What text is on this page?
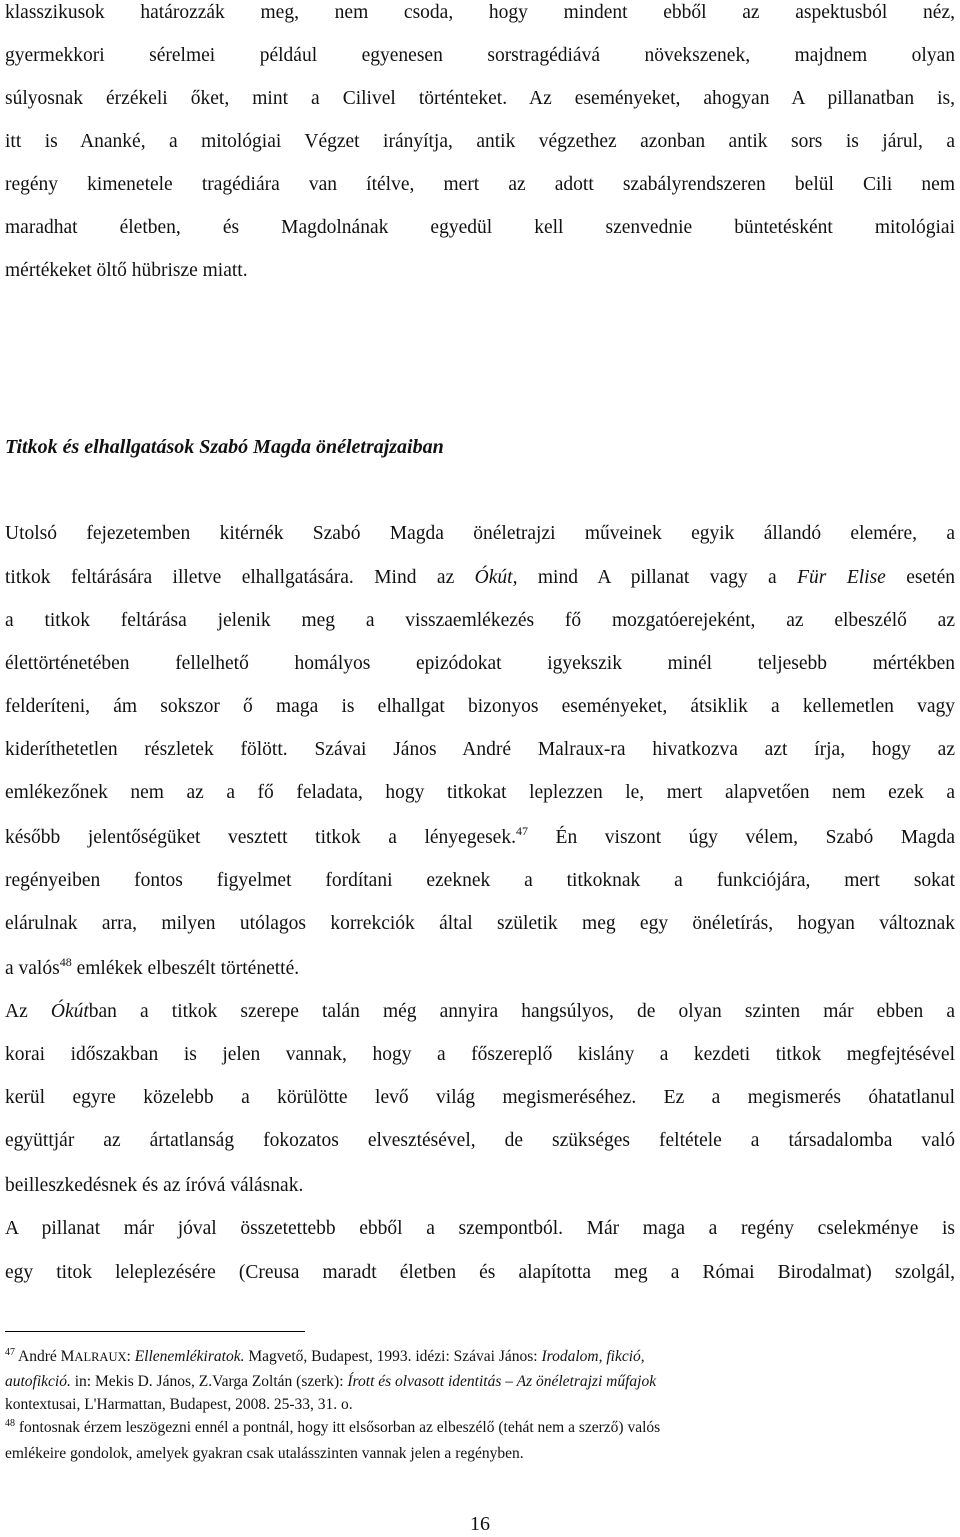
klasszikusok határozzák meg, nem csoda, hogy mindent ebből az aspektusból néz,
gyermekkori sérelmei például egyenesen sorstragédiává növekszenek, majdnem olyan
súlyosnak érzékeli őket, mint a Cilivel történteket. Az eseményeket, ahogyan A pillanatban is,
itt is Ananké, a mitológiai Végzet irányítja, antik végzethez azonban antik sors is járul, a
regény kimenetele tragédiára van ítélve, mert az adott szabályrendszeren belül Cili nem
maradhat életben, és Magdolnának egyedül kell szenvednie büntetésként mitológiai
mértékeket öltő hübrisze miatt.
Titkok és elhallgatások Szabó Magda önéletrajzaiban
Utolsó fejezetemben kitérnék Szabó Magda önéletrajzi műveinek egyik állandó elemére, a
titkok feltárására illetve elhallgatására. Mind az Ókút, mind A pillanat vagy a Für Elise esetén
a titkok feltárása jelenik meg a visszaemlékezés fő mozgatóerejeként, az elbeszélő az
élettörténetében fellelhető homályos epizódokat igyekszik minél teljesebb mértékben
felderíteni, ám sokszor ő maga is elhallgat bizonyos eseményeket, átsiklik a kellemetlen vagy
kideríthetetlen részletek fölött. Szávai János André Malraux-ra hivatkozva azt írja, hogy az
emlékezőnek nem az a fő feladata, hogy titkokat leplezzen le, mert alapvetően nem ezek a
később jelentőségüket vesztett titkok a lényegesek.$^{47}$ Én viszont úgy vélem, Szabó Magda
regényeiben fontos figyelmet fordítani ezeknek a titkoknak a funkciójára, mert sokat
elárulnak arra, milyen utólagos korrekciók által születik meg egy önéletírás, hogyan változnak
a valós$^{48}$ emlékek elbeszélt történetté.
Az Ókútban a titkok szerepe talán még annyira hangsúlyos, de olyan szinten már ebben a
korai időszakban is jelen vannak, hogy a főszereplő kislány a kezdeti titkok megfejtésével
kerül egyre közelebb a körülötte levő világ megismeréséhez. Ez a megismerés óhatatlanul
együttjár az ártatlanság fokozatos elvesztésével, de szükséges feltétele a társadalomba való
beilleszkedésnek és az íróvá válásnak.
A pillanat már jóval összetettebb ebből a szempontból. Már maga a regény cselekménye is
egy titok leleplezésére (Creusa maradt életben és alapította meg a Római Birodalmat) szolgál,
$^{47}$ André MALRAUX: Ellenemlékiratok. Magvető, Budapest, 1993. idézi: Szávai János: Irodalom, fikció,
autofikció. in: Mekis D. János, Z.Varga Zoltán (szerk): Írott és olvasott identitás – Az önéletrajzi műfajok
kontextusai, L'Harmattan, Budapest, 2008. 25-33, 31. o.
$^{48}$ fontosnak érzem leszögezni ennél a pontnál, hogy itt elsősorban az elbeszélő (tehát nem a szerző) valós
emlékeire gondolok, amelyek gyakran csak utalásszinten vannak jelen a regényben.
16
